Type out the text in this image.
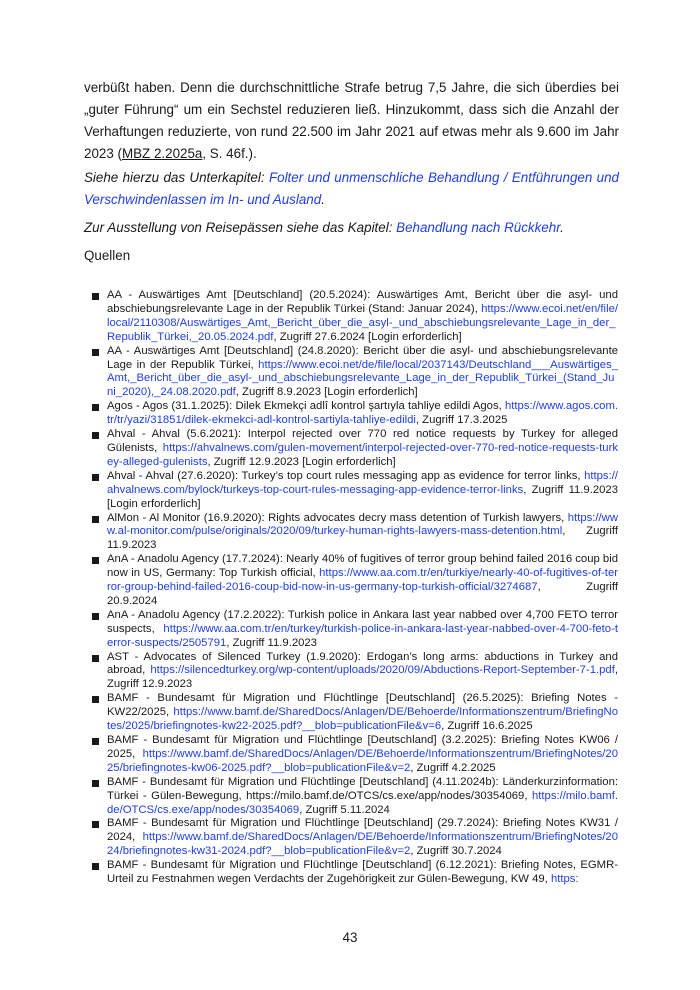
verbüßt haben. Denn die durchschnittliche Strafe betrug 7,5 Jahre, die sich überdies bei „guter Führung“ um ein Sechstel reduzieren ließ. Hinzukommt, dass sich die Anzahl der Verhaftungen reduzierte, von rund 22.500 im Jahr 2021 auf etwas mehr als 9.600 im Jahr 2023 (MBZ 2.2025a, S. 46f.).

Siehe hierzu das Unterkapitel: Folter und unmenschliche Behandlung / Entführungen und Verschwindenlassen im In- und Ausland.

Zur Ausstellung von Reisepässen siehe das Kapitel: Behandlung nach Rückkehr.

Quellen

AA - Auswärtiges Amt [Deutschland] (20.5.2024): Auswärtiges Amt, Bericht über die asyl- und abschiebungsrelevante Lage in der Republik Türkei (Stand: Januar 2024), https://www.ecoi.net/en/file/local/2110308/Auswärtiges_Amt,_Bericht_über_die_asyl-_und_abschiebungsrelevante_Lage_in_der_Republik_Türkei,_20.05.2024.pdf, Zugriff 27.6.2024 [Login erforderlich]
AA - Auswärtiges Amt [Deutschland] (24.8.2020): Bericht über die asyl- und abschiebungsrelevante Lage in der Republik Türkei, https://www.ecoi.net/de/file/local/2037143/Deutschland___Auswärtiges_Amt,_Bericht_über_die_asyl-_und_abschiebungsrelevante_Lage_in_der_Republik_Türkei_(Stand_Juni_2020),_24.08.2020.pdf, Zugriff 8.9.2023 [Login erforderlich]
Agos - Agos (31.1.2025): Dilek Ekmekçi adlî kontrol şartıyla tahliye edildi Agos, https://www.agos.com.tr/tr/yazi/31851/dilek-ekmekci-adl-kontrol-sartiyla-tahliye-edildi, Zugriff 17.3.2025
Ahval - Ahval (5.6.2021): Interpol rejected over 770 red notice requests by Turkey for alleged Gülenists, https://ahvalnews.com/gulen-movement/interpol-rejected-over-770-red-notice-requests-turkey-alleged-gulenists, Zugriff 12.9.2023 [Login erforderlich]
Ahval - Ahval (27.6.2020): Turkey’s top court rules messaging app as evidence for terror links, https://ahvalnews.com/bylock/turkeys-top-court-rules-messaging-app-evidence-terror-links, Zugriff 11.9.2023 [Login erforderlich]
AlMon - Al Monitor (16.9.2020): Rights advocates decry mass detention of Turkish lawyers, https://www.al-monitor.com/pulse/originals/2020/09/turkey-human-rights-lawyers-mass-detention.html, Zugriff 11.9.2023
AnA - Anadolu Agency (17.7.2024): Nearly 40% of fugitives of terror group behind failed 2016 coup bid now in US, Germany: Top Turkish official, https://www.aa.com.tr/en/turkiye/nearly-40-of-fugitives-of-terror-group-behind-failed-2016-coup-bid-now-in-us-germany-top-turkish-official/3274687, Zugriff 20.9.2024
AnA - Anadolu Agency (17.2.2022): Turkish police in Ankara last year nabbed over 4,700 FETO terror suspects, https://www.aa.com.tr/en/turkey/turkish-police-in-ankara-last-year-nabbed-over-4-700-feto-terror-suspects/2505791, Zugriff 11.9.2023
AST - Advocates of Silenced Turkey (1.9.2020): Erdogan’s long arms: abductions in Turkey and abroad, https://silencedturkey.org/wp-content/uploads/2020/09/Abductions-Report-September-7-1.pdf, Zugriff 12.9.2023
BAMF - Bundesamt für Migration und Flüchtlinge [Deutschland] (26.5.2025): Briefing Notes - KW22/2025, https://www.bamf.de/SharedDocs/Anlagen/DE/Behoerde/Informationszentrum/BriefingNotes/2025/briefingnotes-kw22-2025.pdf?__blob=publicationFile&v=6, Zugriff 16.6.2025
BAMF - Bundesamt für Migration und Flüchtlinge [Deutschland] (3.2.2025): Briefing Notes KW06 / 2025, https://www.bamf.de/SharedDocs/Anlagen/DE/Behoerde/Informationszentrum/BriefingNotes/2025/briefingnotes-kw06-2025.pdf?__blob=publicationFile&v=2, Zugriff 4.2.2025
BAMF - Bundesamt für Migration und Flüchtlinge [Deutschland] (4.11.2024b): Länderkurzinformation: Türkei - Gülen-Bewegung, https://milo.bamf.de/OTCS/cs.exe/app/nodes/30354069, https://milo.bamf.de/OTCS/cs.exe/app/nodes/30354069, Zugriff 5.11.2024
BAMF - Bundesamt für Migration und Flüchtlinge [Deutschland] (29.7.2024): Briefing Notes KW31 / 2024, https://www.bamf.de/SharedDocs/Anlagen/DE/Behoerde/Informationszentrum/BriefingNotes/2024/briefingnotes-kw31-2024.pdf?__blob=publicationFile&v=2, Zugriff 30.7.2024
BAMF - Bundesamt für Migration und Flüchtlinge [Deutschland] (6.12.2021): Briefing Notes, EGMR-Urteil zu Festnahmen wegen Verdachts der Zugehörigkeit zur Gülen-Bewegung, KW 49, https:
43
